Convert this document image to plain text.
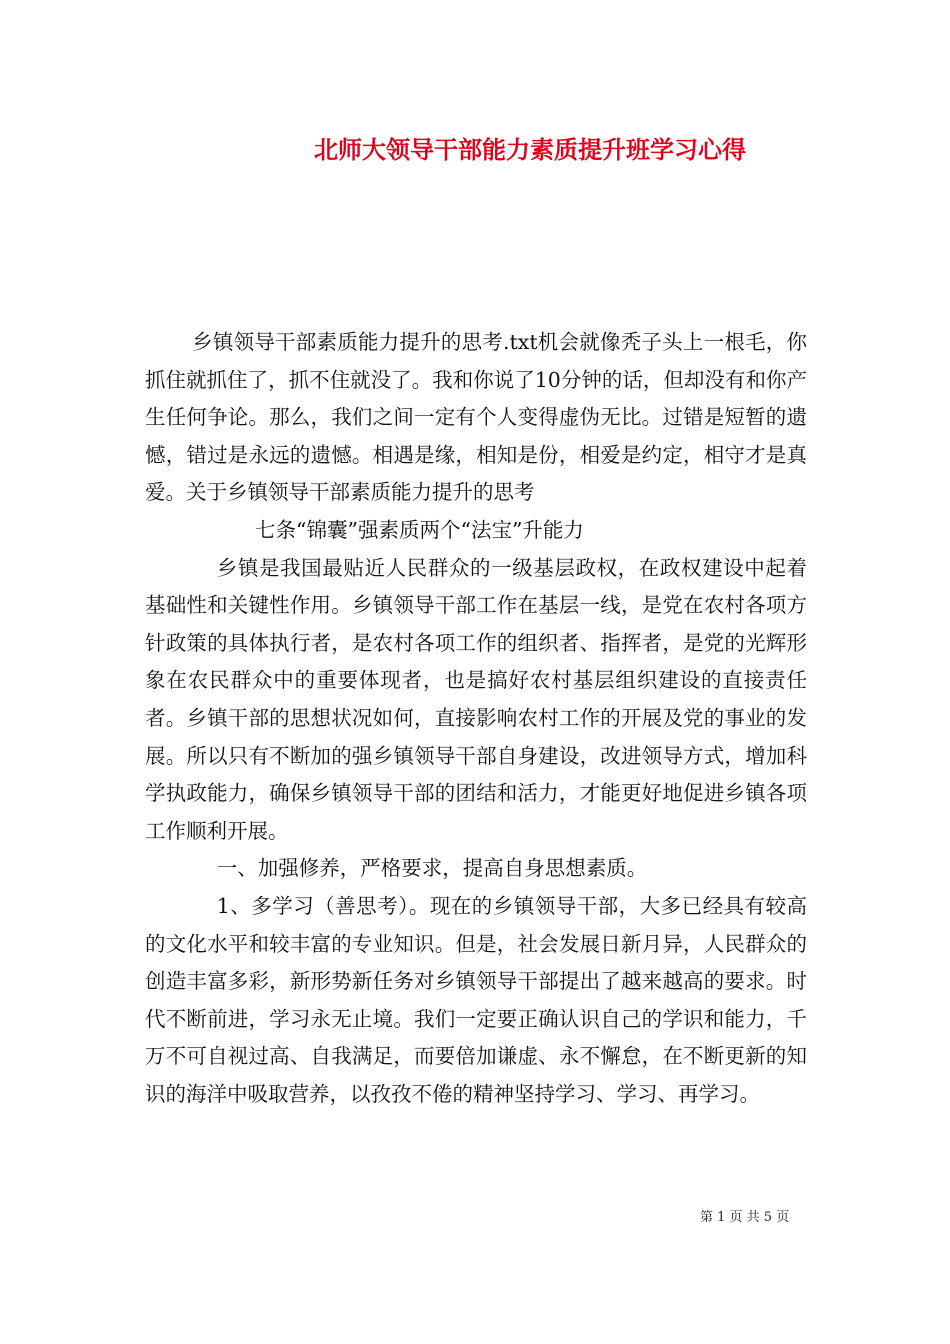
北师大领导干部能力素质提升班学习心得

乡镇领导干部素质能力提升的思考.txt机会就像秃子头上一根毛，你抓住就抓住了，抓不住就没了。我和你说了10分钟的话，但却没有和你产生任何争论。那么，我们之间一定有个人变得虚伪无比。过错是短暂的遗憾，错过是永远的遗憾。相遇是缘，相知是份，相爱是约定，相守才是真爱。关于乡镇领导干部素质能力提升的思考

七条“锦囊”强素质两个“法宝”升能力

乡镇是我国最贴近人民群众的一级基层政权，在政权建设中起着基础性和关键性作用。乡镇领导干部工作在基层一线，是党在农村各项方针政策的具体执行者，是农村各项工作的组织者、指挥者，是党的光辉形象在农民群众中的重要体现者，也是搞好农村基层组织建设的直接责任者。乡镇干部的思想状况如何，直接影响农村工作的开展及党的事业的发展。所以只有不断加的强乡镇领导干部自身建设，改进领导方式，增加科学执政能力，确保乡镇领导干部的团结和活力，才能更好地促进乡镇各项工作顺利开展。

一、加强修养，严格要求，提高自身思想素质。

1、多学习（善思考）。现在的乡镇领导干部，大多已经具有较高的文化水平和较丰富的专业知识。但是，社会发展日新月异，人民群众的创造丰富多彩，新形势新任务对乡镇领导干部提出了越来越高的要求。时代不断前进，学习永无止境。我们一定要正确认识自己的学识和能力，千万不可自视过高、自我满足，而要倍加谦虚、永不懈怠，在不断更新的知识的海洋中吸取营养，以孜孜不倦的精神坚持学习、学习、再学习。

第 1 页 共 5 页
